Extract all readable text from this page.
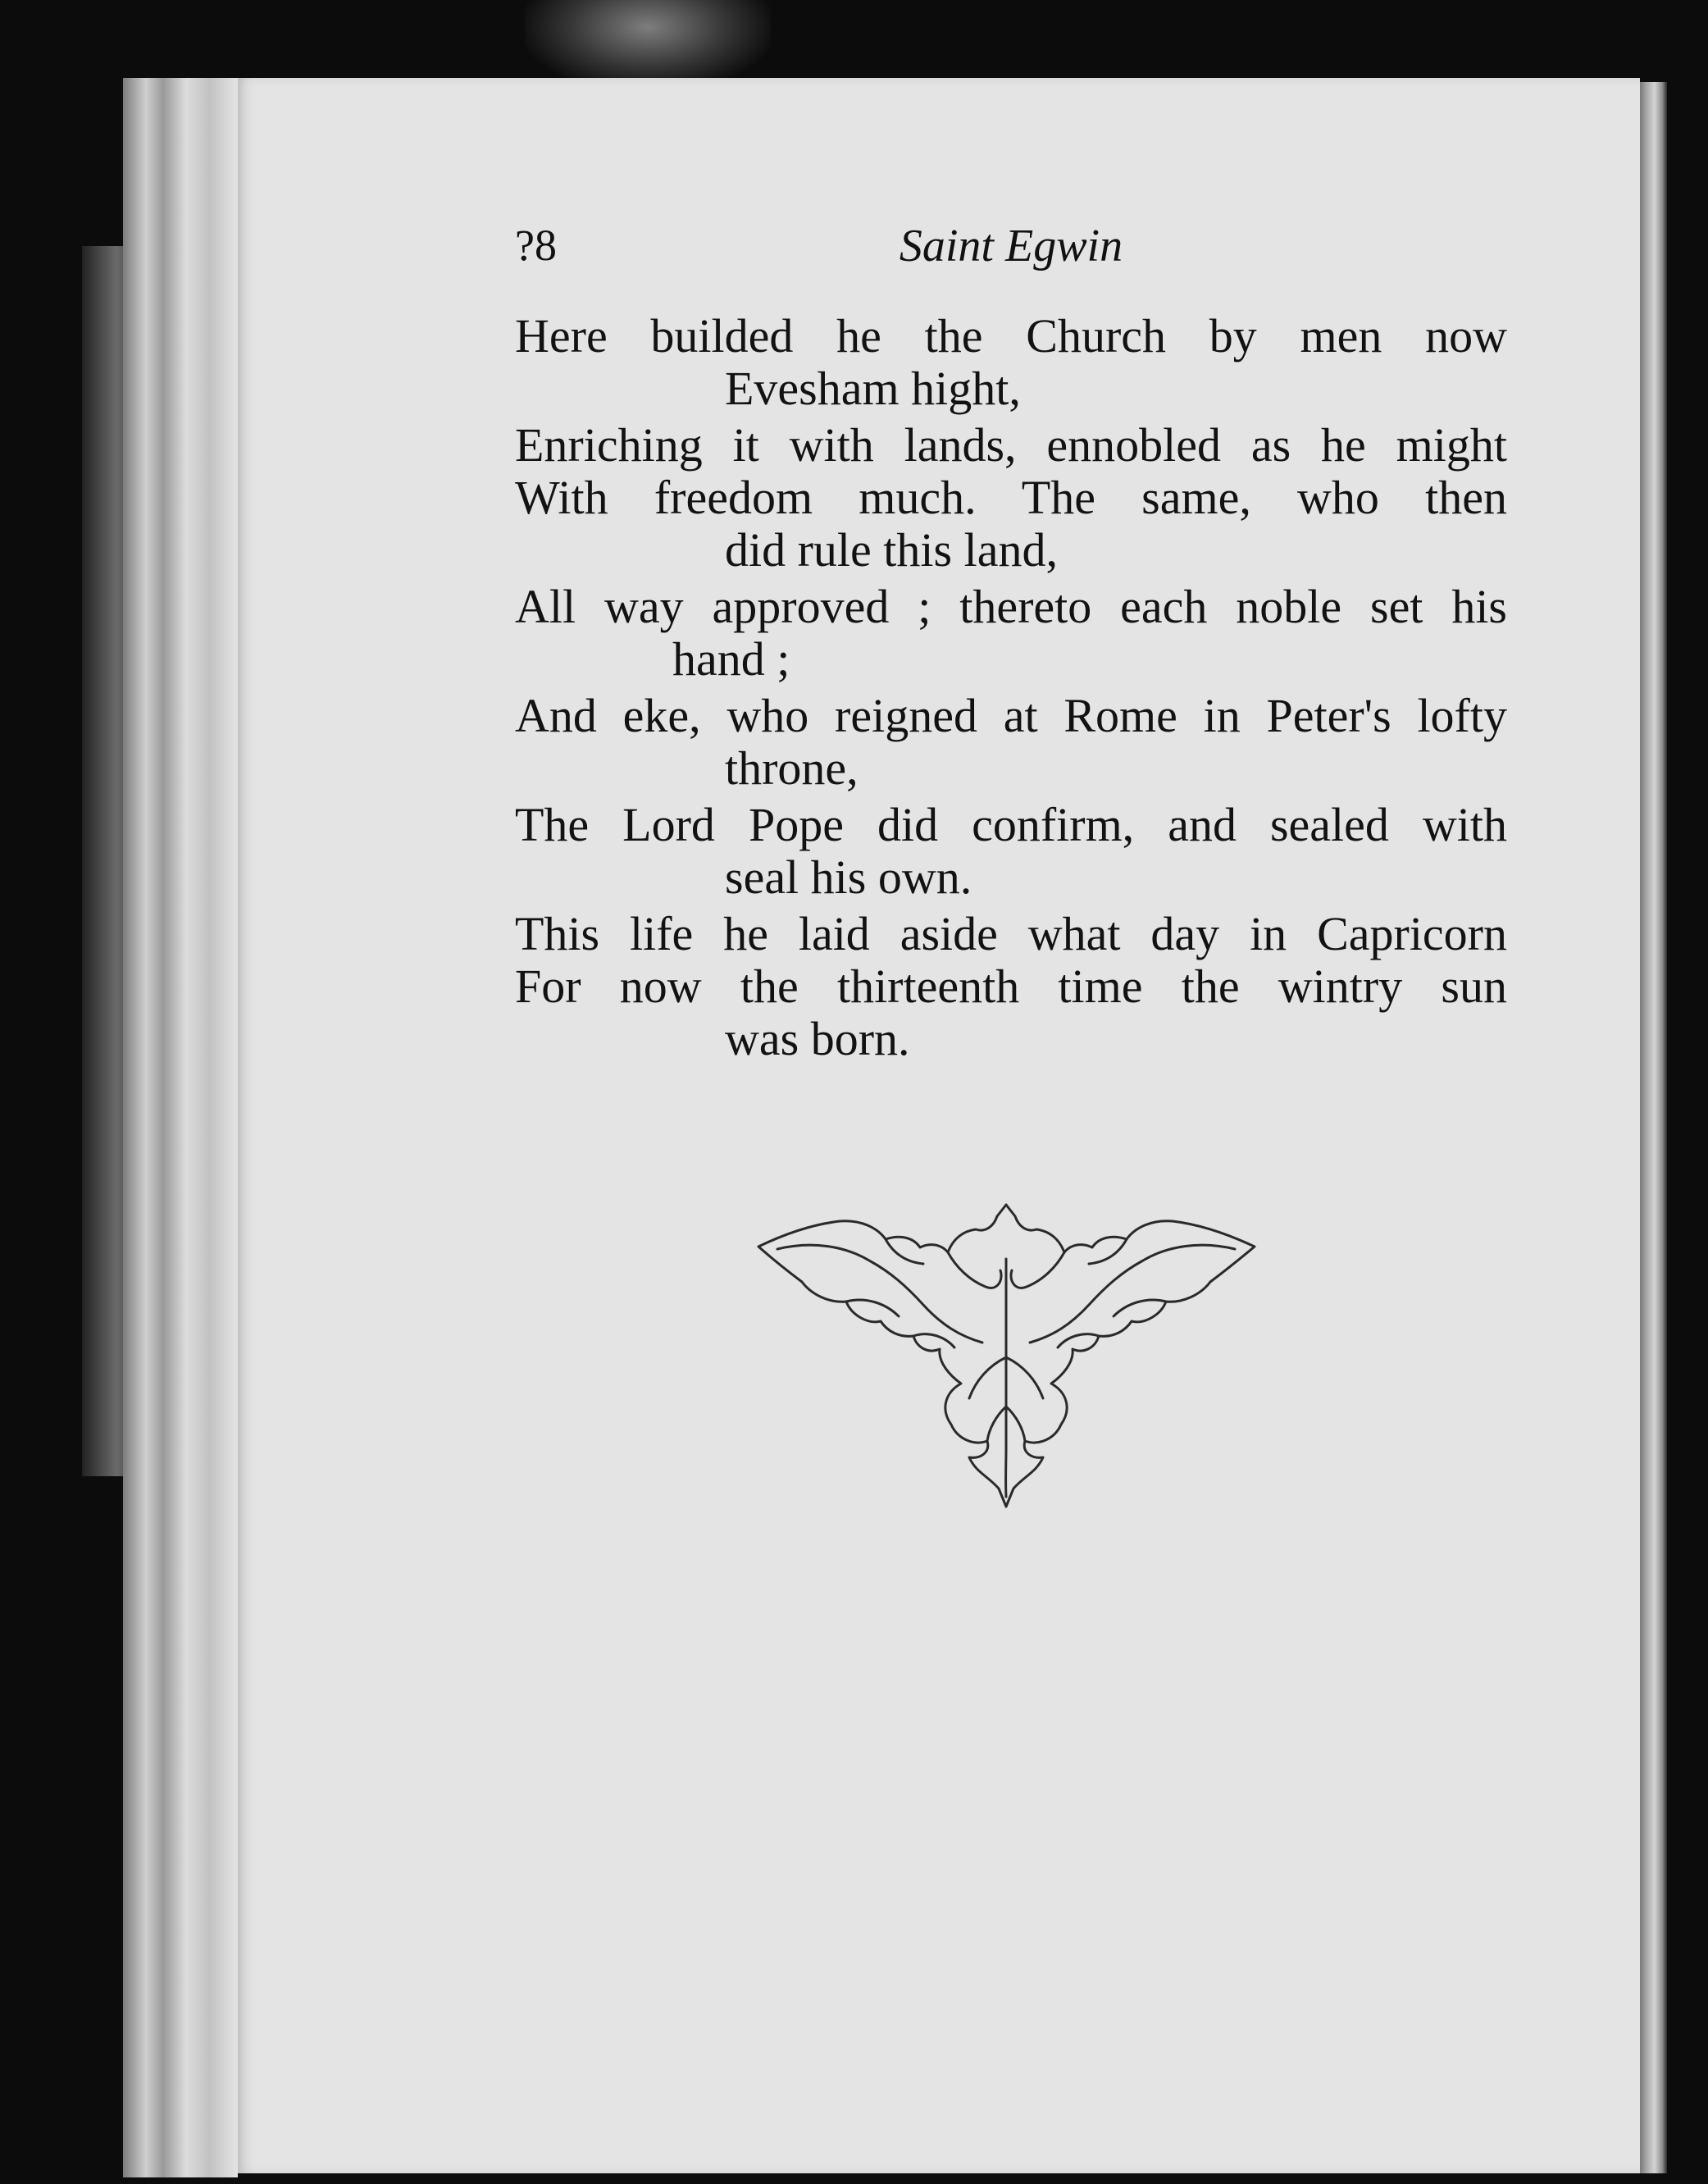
?8	Saint Egwin
Here builded he the Church by men now
Evesham hight,
Enriching it with lands, ennobled as he might
With freedom much. The same, who then
did rule this land,
All way approved ; thereto each noble set his
hand ;
And eke, who reigned at Rome in Peter's lofty
throne,
The Lord Pope did confirm, and sealed with
seal his own.
This life he laid aside what day in Capricorn
For now the thirteenth time the wintry sun
was born.
